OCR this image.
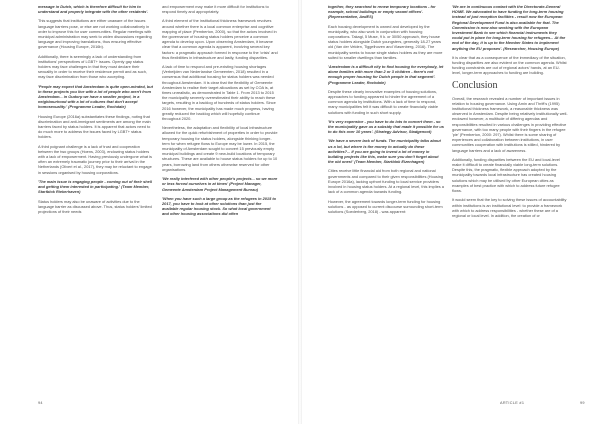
message in Dutch, which is therefore difficult for him to understand and properly integrate with the other residents'.

This suggests that institutions are either unaware of the issues language barriers pose, or else are not working collaboratively in order to improve this for user communities. Regular meetings with municipal administration may seek to widen discussions regarding language and improving translations, thus ensuring effective governance (Housing Europe, 2016b).

Additionally, there is seemingly a lack of understanding from institutions' perspectives of LGBT+ issues. Openly gay status holders may face challenges in that they must declare their sexuality in order to receive their residence permit and as such, may face discrimination from those who accepting.

'People may expect that Amsterdam is quite open-minded, but in these projects you live with a lot of people who aren't from Amsterdam... in Oudorp we have a smaller project, in a neighbourhood with a lot of cultures that don't accept homosexuality.' (Programme Leader, Rochdale)

Housing Europe (2016a) substantiates these findings, noting that discrimination and anti-immigrant sentiments are among the main barriers faced by status holders. It is apparent that actors need to do much more to address the issues faced by LGBT+ status holders.

A third poignant challenge is a lack of trust and cooperation between the two groups (Hoens, 2003), endowing status holders with a lack of empowerment. Having previously undergone what is often an extremely traumatic journey prior to their arrival in the Netherlands (Oliveri et al., 2017), they may be reluctant to engage in sessions organised by housing corporations.

'The main issue is engaging people - coming out of their shell and getting them interested in participating.' (Team Member, Startblok Riekerhaven)

Status holders may also be unaware of activities due to the language barrier as discussed above. Thus, status holders' limited projections of their needs

and empowerment may make it more difficult for institutions to respond timely and appropriately.

A third element of the institutional thickness framework revolves around whether there is a local common enterprise and cognitive mapping of place (Pemberton, 2000), so that the actors involved in the governance of housing status holders perceive a common agenda to develop upon. Upon observing Amsterdam, it became clear that a common agenda is apparent, involving several key factors: a pragmatic approach formed in response to the 'crisis' and thus flexibilities in infrastructure and lastly, funding disparities.

A lack of time to respond and pre-existing housing shortages (Verbeijden van Nederlandse Gemeenten, 2018) resulted in a consensus that additional housing for status holders was needed throughout Amsterdam. It is clear that the flexibility of Gemeente Amsterdam to realise their target allocations as set by COA is, at times unrealistic, as demonstrated in Table 1. From 2013 to 2015 the municipality severely overestimated their ability to reach these targets, resulting in a backlog of hundreds of status holders. Since 2016 however, the municipality has made much progress, having greatly reduced the backlog which will hopefully continue throughout 2020.

Nevertheless, the adaptation and flexibility of local infrastructure allowed for the quick refurbishment of properties in order to provide temporary housing for status holders, alongside thinking longer-term for when refugee flows to Europe may be lower. In 2015, the municipality of Amsterdam sought to convert 15 previously empty municipal buildings and create 9 new-build locations of temporary structures. These are available to house status holders for up to 10 years, borrowing land from others otherwise reserved for other organisations.

'We really interfered with other people's projects... so we more or less forced ourselves in at times' (Project Manager, Gemeente Amsterdam Project Management Bureau)

'When you have such a large group as the refugees in 2015 to 2017, you have to look at other solutions than just the available regular housing stock. So what local government and other housing associations did often

94

together, they searched to renew temporary locations - for example, school buildings or empty vacant offices'. (Representative, AedES)

Each housing development is owned and developed by the municipality, who also work in conjunction with housing corporations. Takagi, 5 Muse, 9 k. or 30/50 approach, they house status holders alongside Dutch youngsters, generally 18-27 years old (Van der Velden, Tiggelhoven and Vlasenberg, 2016). The municipality seeks to house single status holders as they are more suited to smaller dwellings than families.

'Amsterdam is a difficult city to find housing for everybody, let alone families with more than 2 or 3 children - there's not enough proper housing for Dutch people in that segment'. (Programme Leader, Rochdale)

Despite these clearly innovative examples of housing solutions, approaches to funding appeared to hinder the agreement of a common agenda by institutions. With a lack of time to respond, many municipalities felt it was difficult to create financially viable solutions with funding in such short supply.

'It's very expensive - you have to do lots to convert them - so the municipality gave us a subsidy that made it possible for us to do this over 10 years'. (Strategy Advisor, Stadgenoot)

'We have a severe lack of funds. The municipality talks about us a lot, but where is the money to actually do these activities?... If you are going to invest a lot of money in building projects like this, make sure you don't forget about the old ones!' (Team Member, Startblok Elzenhagen)

Cities receive little financial aid from both regional and national governments and compared to their given responsibilities (Housing Europe 2016a), lacking upfront funding to local service providers involved in housing status holders. At a regional level, this implies a lack of a common agenda towards funding.

However, the agreement towards longer-term funding for housing solutions - as opposed to current discourse surrounding short-term solutions (Soederberg, 2018) - was apparent:

'We are in continuous contact with the Directorate-General HOME. We advocated to have funding for long-term housing instead of just reception facilities - result now the European Regional Development Fund is also available for that. The Commission is now also working with the European Investment Bank to see which financial instruments they could put in place for long-term housing for refugees... At the end of the day, it is up to the Member States to implement anything the EU proposes'. (Researcher, Housing Europe)

It is clear that as a consequence of the immediacy of the situation, funding disparities are also evident on the common agenda. Whilst funding constraints are out of regional actors' hands, at an EU-level, longer-term approaches to funding are building.

Conclusion

Overall, the research revealed a number of important issues in relation to housing governance. Using Amin and Thrift's (1995) institutional thickness framework, a reasonable thickness was observed in Amsterdam. Despite being relatively institutionally well-endowed however, a multitude of differing agendas and responsibilities resulted in various challenges in providing effective governance, with too many people with their fingers in the refugee 'pie' (Pemberton, 2000: 297). Whilst there is some sharing of experiences and collaboration between institutions, in user communities cooperation with institutions is stilled, hindered by language barriers and a lack of awareness.

Additionally, funding disparities between the EU and local-level make it difficult to create financially viable long-term solutions. Despite this, the pragmatic, flexible approach adopted by the municipality towards local infrastructure has created housing solutions which may be utilised by other European cities as examples of best practice with which to address future refugee flows.

It would seem that the key to solving these issues of accountability within institutions is an institutional level: to provide a framework with which to address responsibilities - whether these are of a regional or local level. In addition, the creation of cr

ARTICLE #1	99
